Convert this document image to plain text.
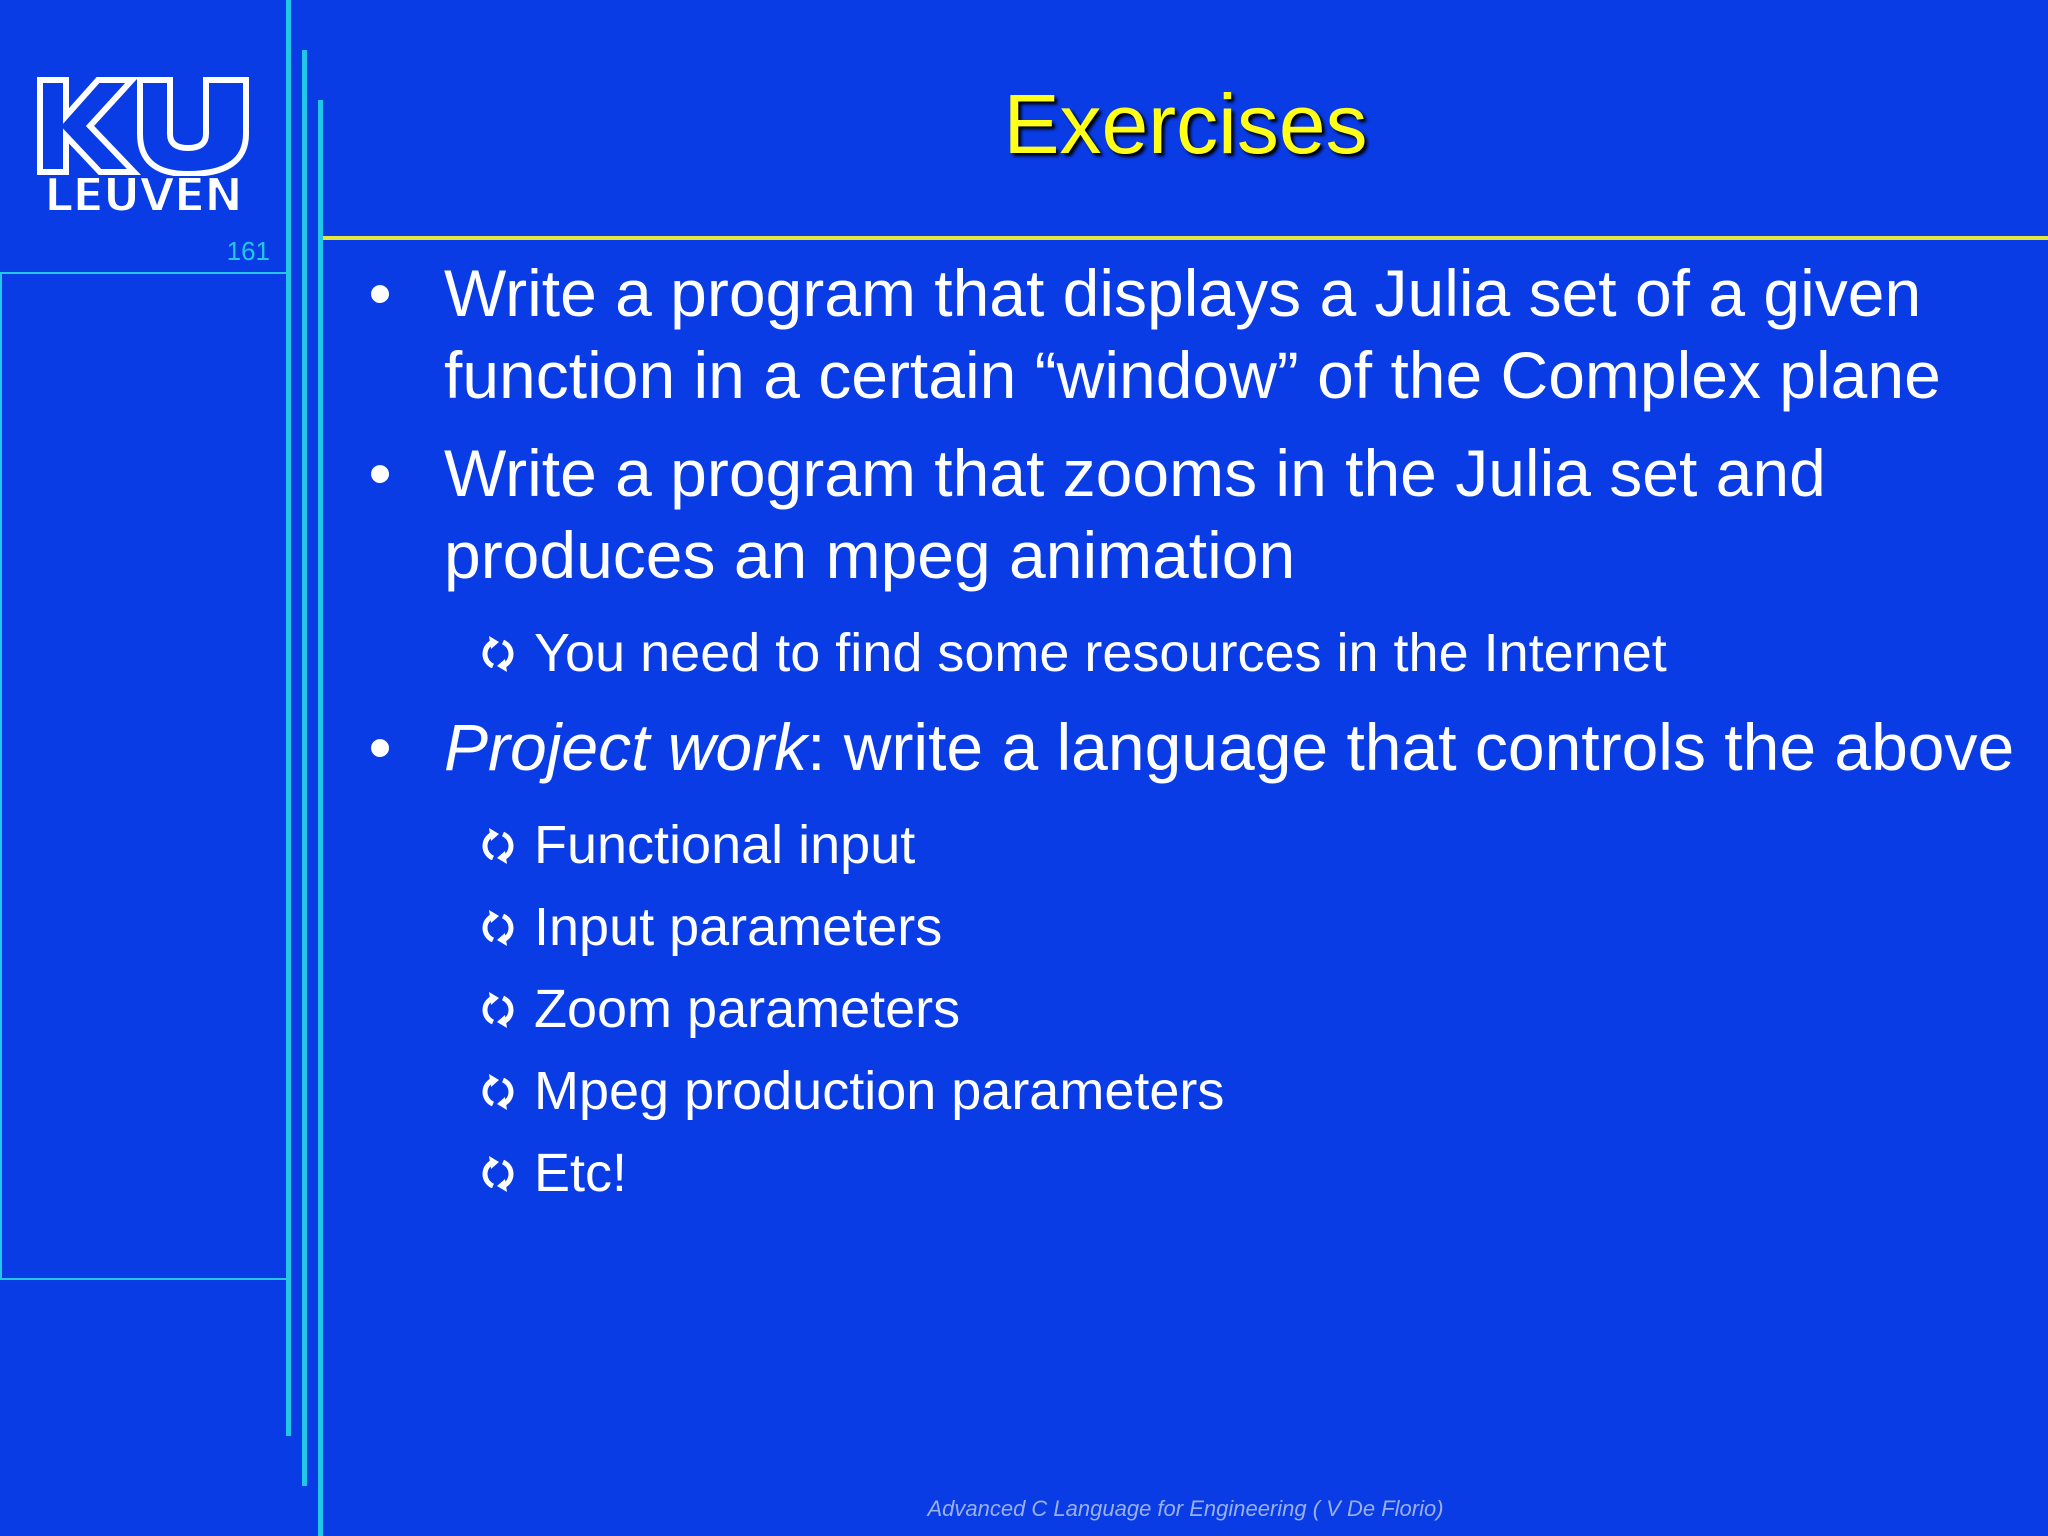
LEUVEN
161
Exercises
• Write a program that displays a Julia set of a given function in a certain “window” of the Complex plane
• Write a program that zooms in the Julia set and produces an mpeg animation
You need to find some resources in the Internet
• Project work: write a language that controls the above
Functional input
Input parameters
Zoom parameters
Mpeg production parameters
Etc!
Advanced C Language for Engineering ( V De Florio)
